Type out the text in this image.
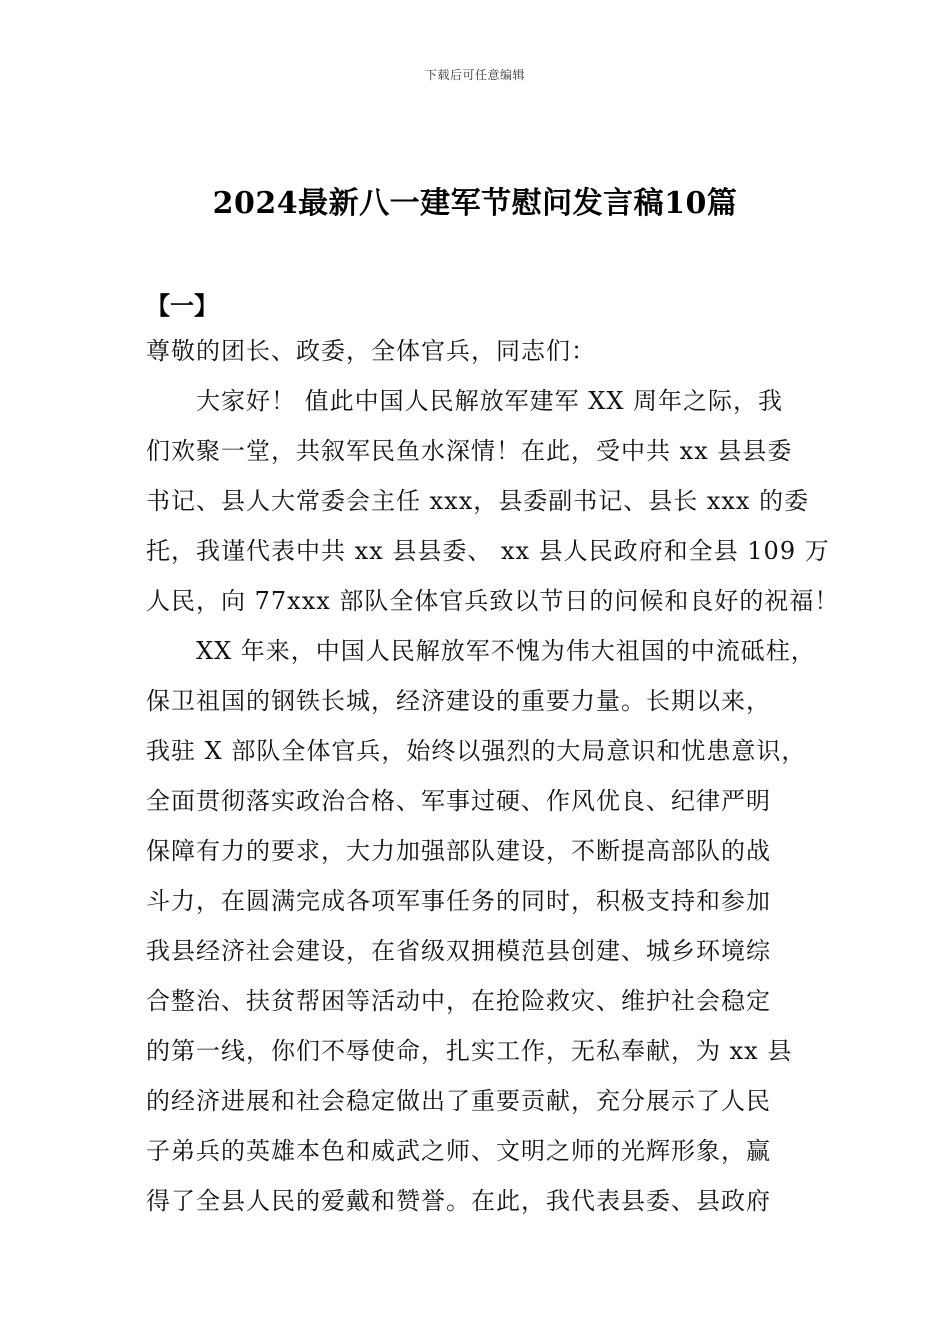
下载后可任意编辑
2024最新八一建军节慰问发言稿10篇
【一】
尊敬的团长、政委，全体官兵，同志们：
　　大家好！ 值此中国人民解放军建军 XX 周年之际，我
们欢聚一堂，共叙军民鱼水深情！在此，受中共 xx 县县委
书记、县人大常委会主任 xxx，县委副书记、县长 xxx 的委
托，我谨代表中共 xx 县县委、 xx 县人民政府和全县 109 万
人民，向 77xxx 部队全体官兵致以节日的问候和良好的祝福！
　　XX 年来，中国人民解放军不愧为伟大祖国的中流砥柱，
保卫祖国的钢铁长城，经济建设的重要力量。长期以来，
我驻 X 部队全体官兵，始终以强烈的大局意识和忧患意识，
全面贯彻落实政治合格、军事过硬、作风优良、纪律严明
保障有力的要求，大力加强部队建设，不断提高部队的战
斗力，在圆满完成各项军事任务的同时，积极支持和参加
我县经济社会建设，在省级双拥模范县创建、城乡环境综
合整治、扶贫帮困等活动中，在抢险救灾、维护社会稳定
的第一线，你们不辱使命，扎实工作，无私奉献，为 xx 县
的经济进展和社会稳定做出了重要贡献，充分展示了人民
子弟兵的英雄本色和威武之师、文明之师的光辉形象，赢
得了全县人民的爱戴和赞誉。在此，我代表县委、县政府
